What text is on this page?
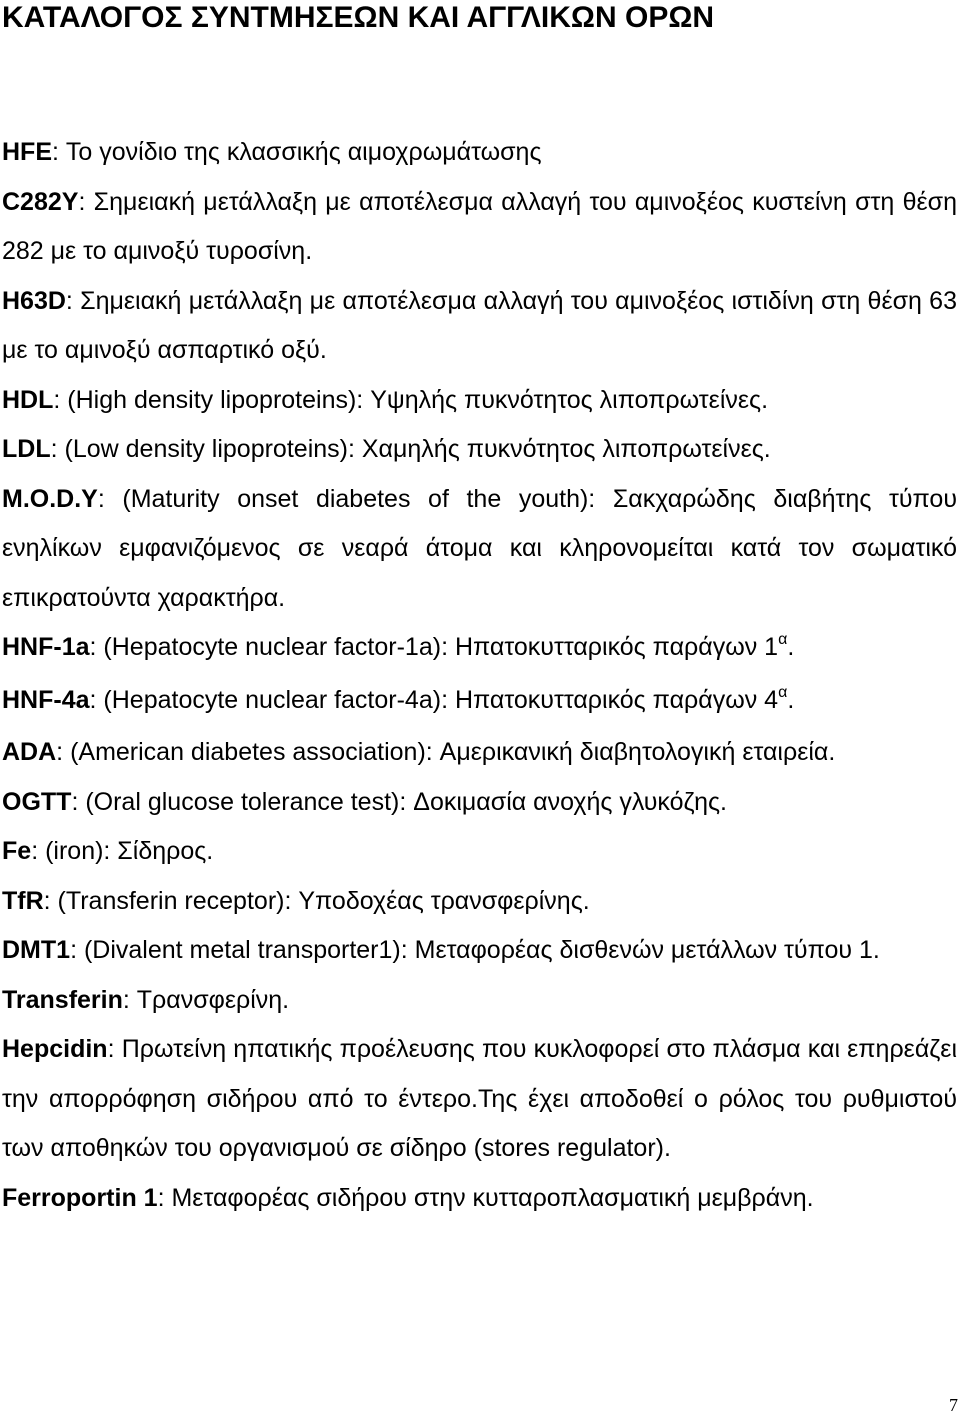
ΚΑΤΑΛΟΓΟΣ ΣΥΝΤΜΗΣΕΩΝ ΚΑΙ ΑΓΓΛΙΚΩΝ ΟΡΩΝ

HFE: Το γονίδιο της κλασσικής αιμοχρωμάτωσης

C282Y: Σημειακή μετάλλαξη με αποτέλεσμα αλλαγή του αμινοξέος κυστείνη στη θέση 282 με το αμινοξύ τυροσίνη.

H63D: Σημειακή μετάλλαξη με αποτέλεσμα αλλαγή του αμινοξέος ιστιδίνη στη θέση 63 με το αμινοξύ ασπαρτικό οξύ.

HDL: (High density lipoproteins): Υψηλής πυκνότητος λιποπρωτείνες.

LDL: (Low density lipoproteins): Χαμηλής πυκνότητος λιποπρωτείνες.

M.O.D.Y: (Maturity onset diabetes of the youth): Σακχαρώδης διαβήτης τύπου ενηλίκων εμφανιζόμενος σε νεαρά άτομα και κληρονομείται κατά τον σωματικό επικρατούντα χαρακτήρα.

HNF-1a: (Hepatocyte nuclear factor-1a): Ηπατοκυτταρικός παράγων $1^\alpha$.

HNF-4a: (Hepatocyte nuclear factor-4a): Ηπατοκυτταρικός παράγων $4^\alpha$.

ADA: (American diabetes association): Αμερικανική διαβητολογική εταιρεία.

OGTT: (Oral glucose tolerance test): Δοκιμασία ανοχής γλυκόζης.

Fe: (iron): Σίδηρος.

TfR: (Transferin receptor): Υποδοχέας τρανσφερίνης.

DMT1: (Divalent metal transporter1): Μεταφορέας δισθενών μετάλλων τύπου 1.

Transferin: Τρανσφερίνη.

Hepcidin: Πρωτείνη ηπατικής προέλευσης που κυκλοφορεί στο πλάσμα και επηρεάζει την απορρόφηση σιδήρου από το έντερο.Της έχει αποδοθεί ο ρόλος του ρυθμιστού των αποθηκών του οργανισμού σε σίδηρο (stores regulator).

Ferroportin 1: Μεταφορέας σιδήρου στην κυτταροπλασματική μεμβράνη.

7
